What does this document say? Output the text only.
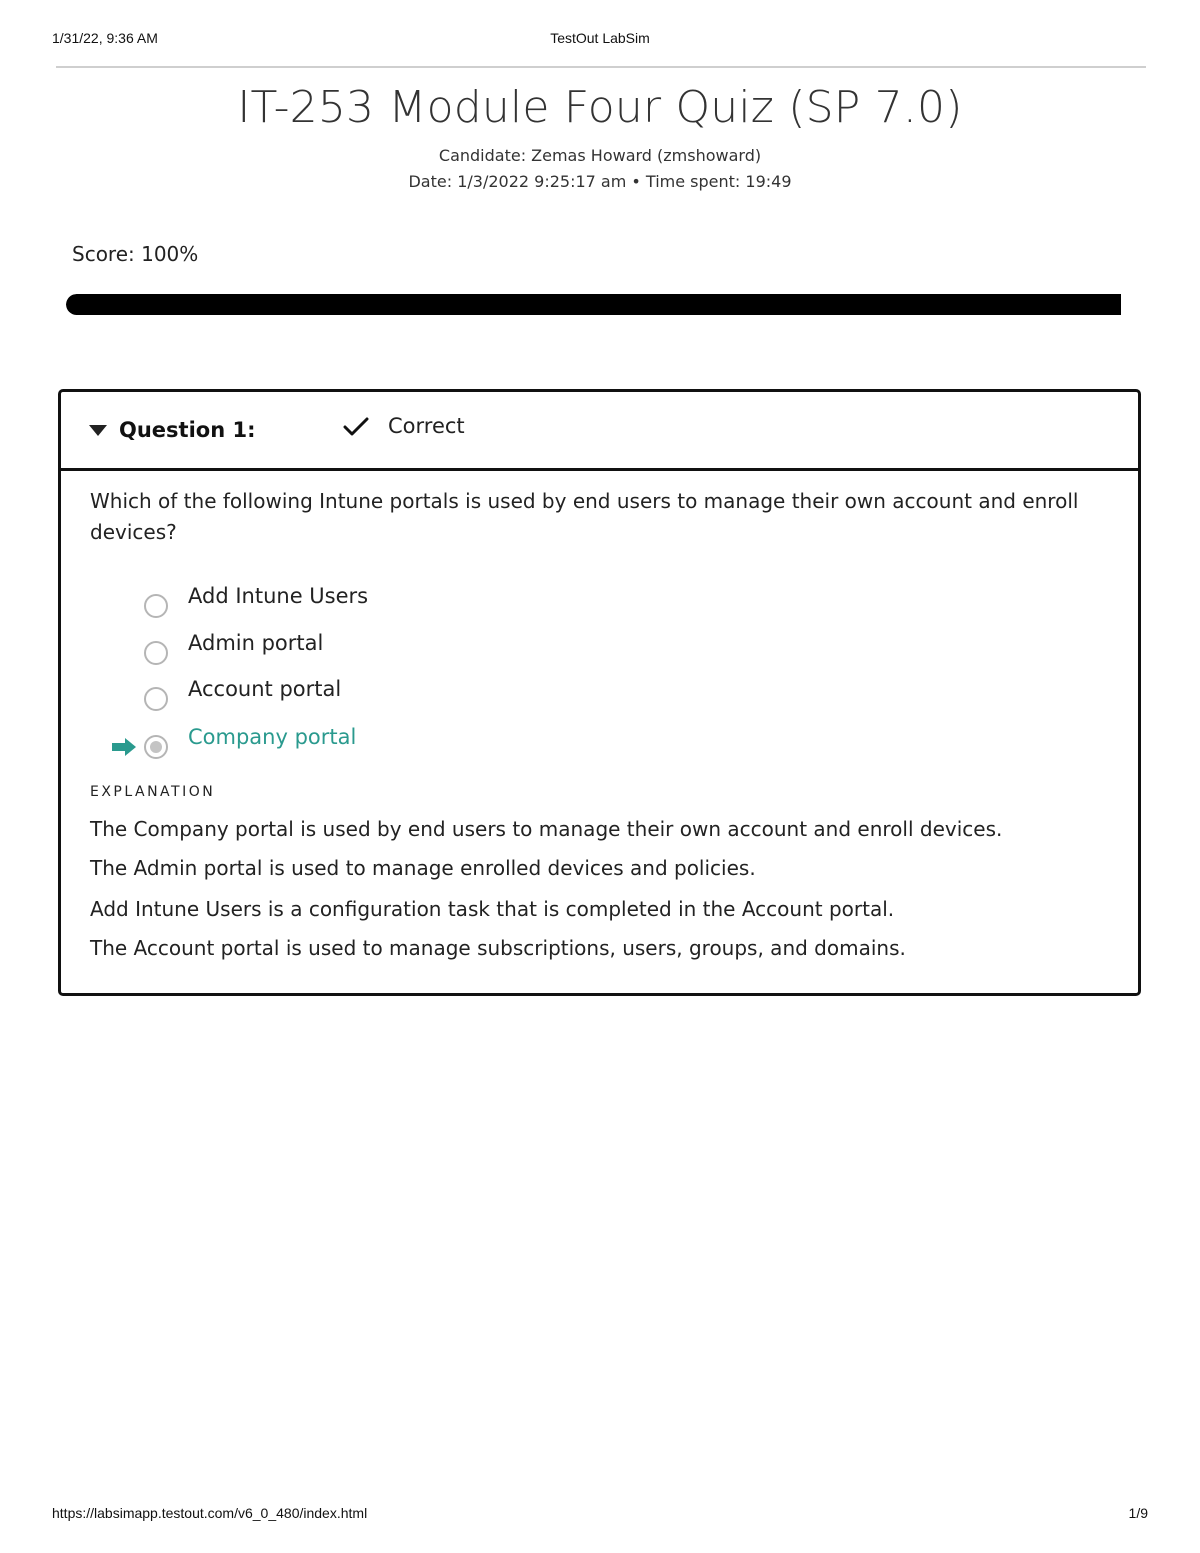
1/31/22, 9:36 AM	TestOut LabSim
IT-253 Module Four Quiz (SP 7.0)
Candidate: Zemas Howard (zmshoward)
Date: 1/3/2022 9:25:17 am • Time spent: 19:49
Score: 100%
Question 1:	Correct
Which of the following Intune portals is used by end users to manage their own account and enroll devices?
Add Intune Users
Admin portal
Account portal
Company portal
EXPLANATION
The Company portal is used by end users to manage their own account and enroll devices.
The Admin portal is used to manage enrolled devices and policies.
Add Intune Users is a configuration task that is completed in the Account portal.
The Account portal is used to manage subscriptions, users, groups, and domains.
https://labsimapp.testout.com/v6_0_480/index.html	1/9
